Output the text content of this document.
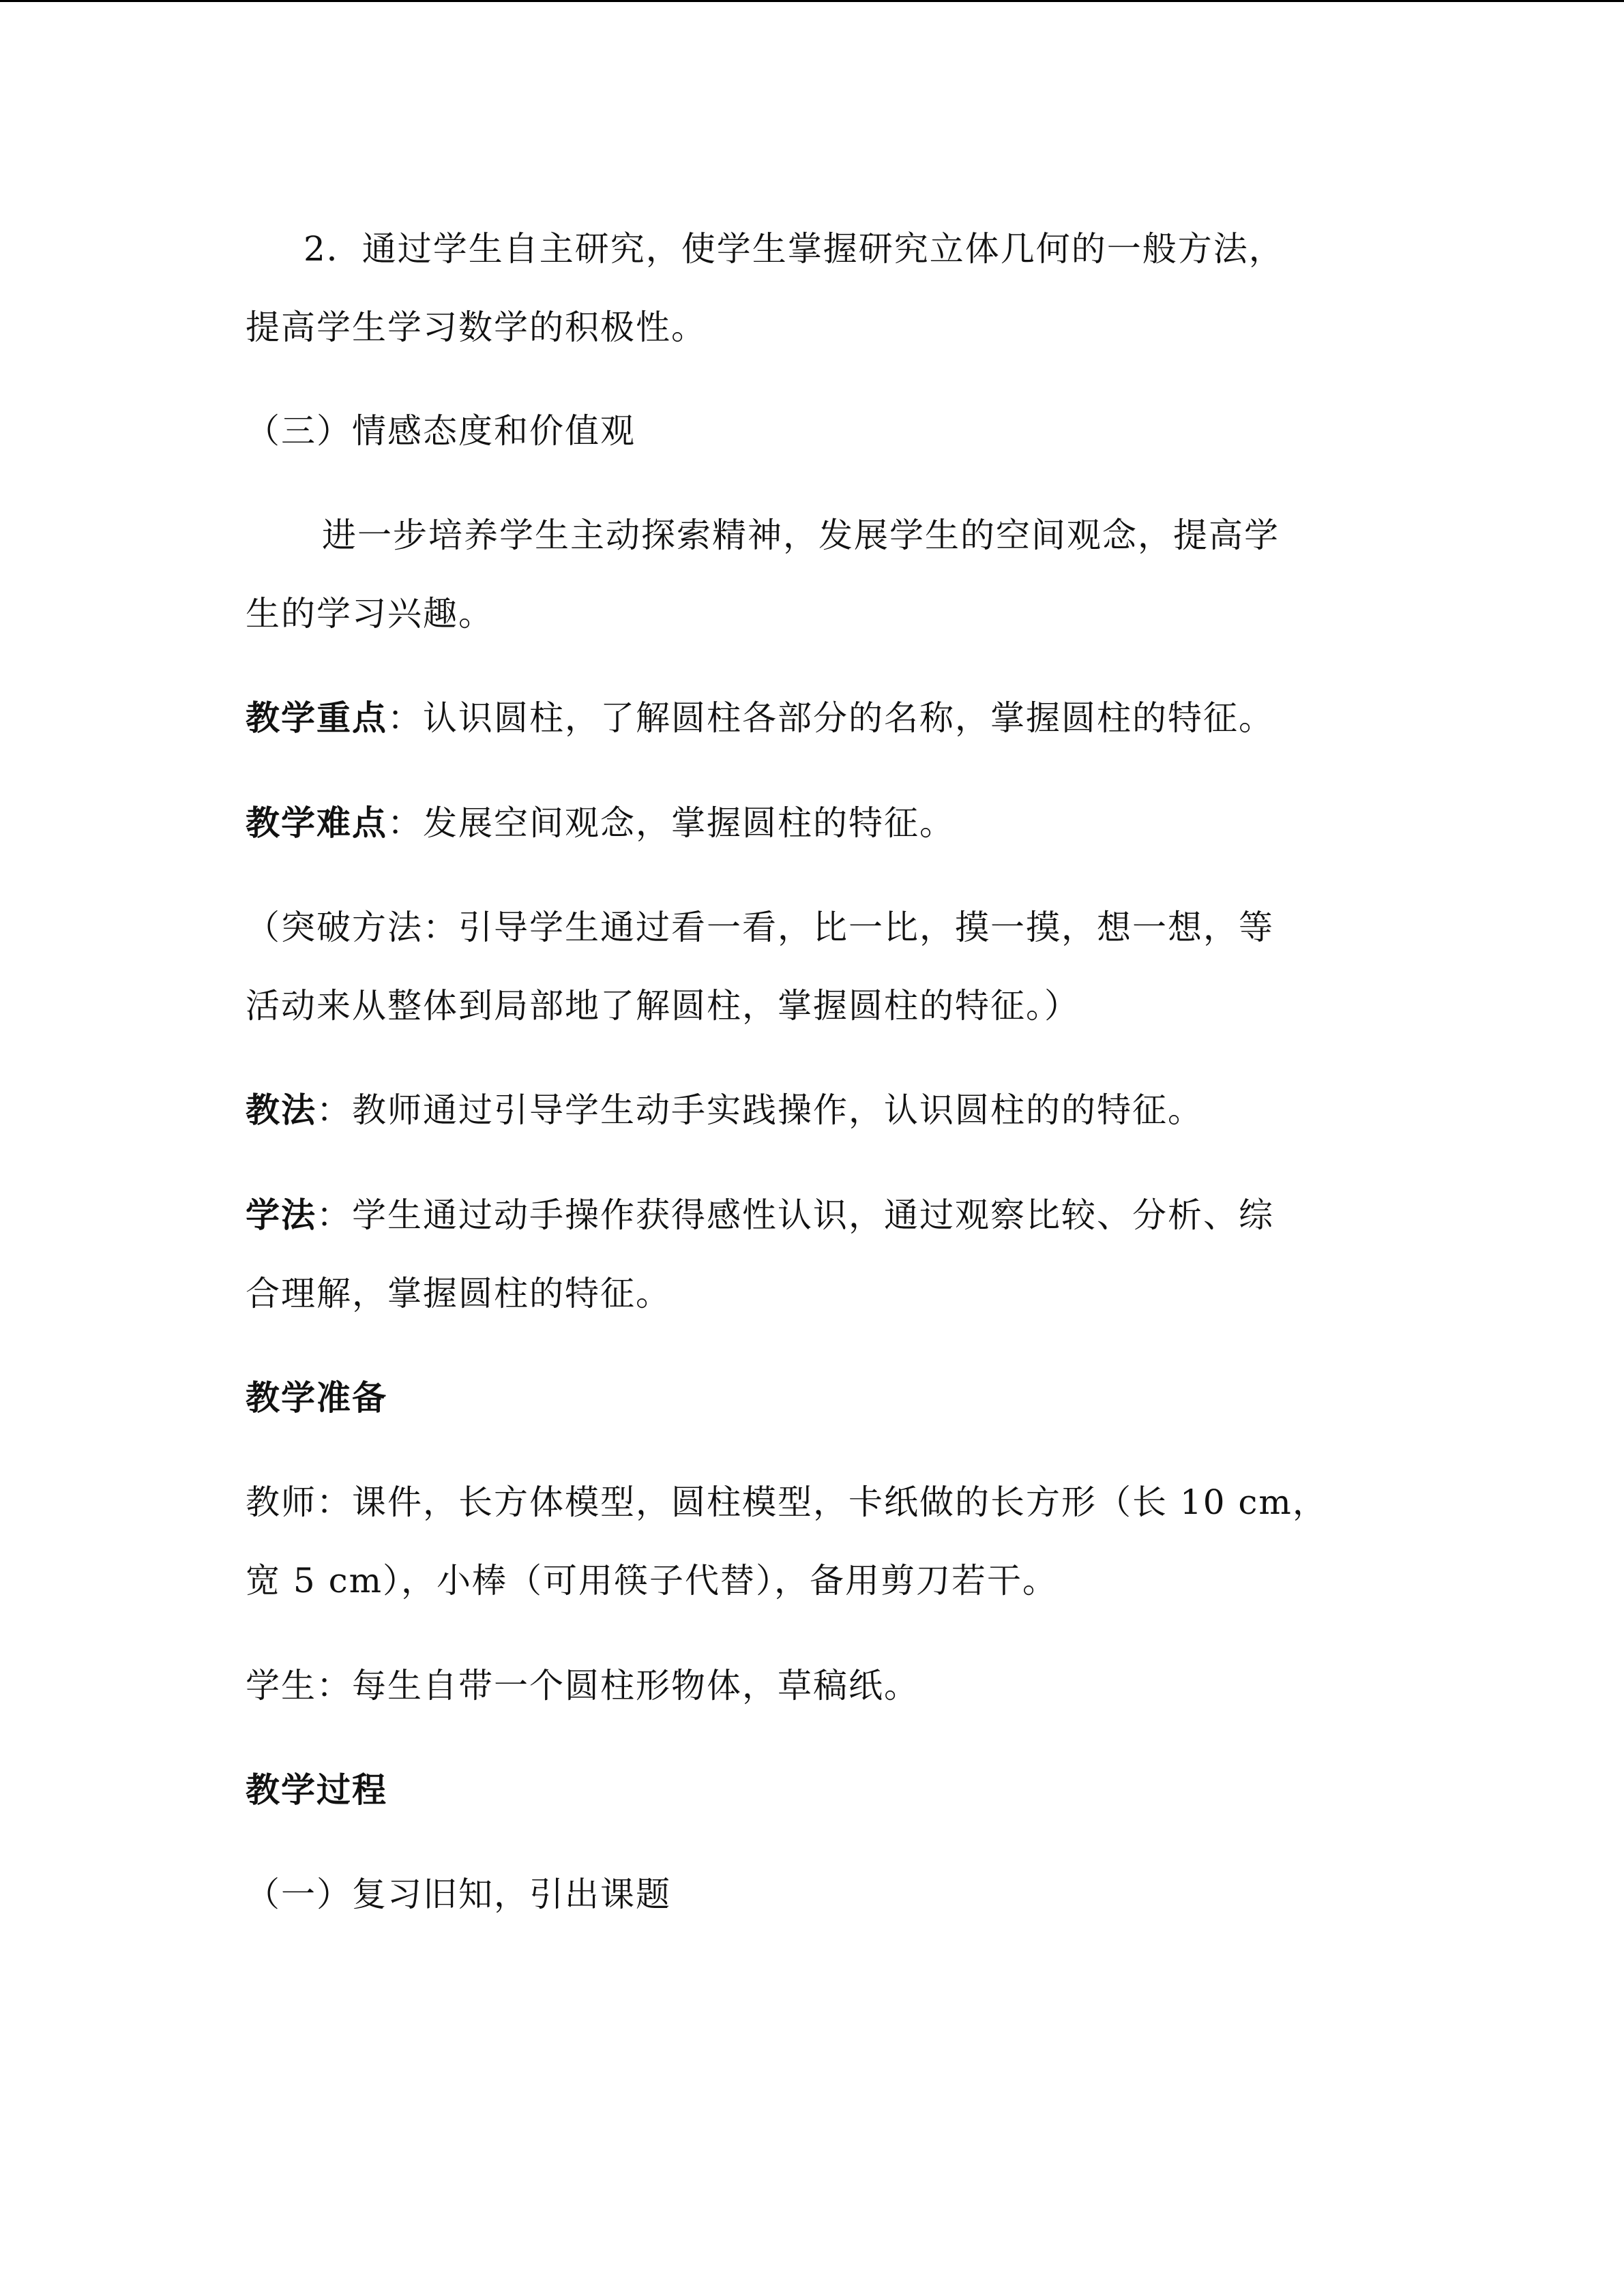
2．通过学生自主研究，使学生掌握研究立体几何的一般方法，
提高学生学习数学的积极性。
（三）情感态度和价值观
进一步培养学生主动探索精神，发展学生的空间观念，提高学
生的学习兴趣。
教学重点：认识圆柱，了解圆柱各部分的名称，掌握圆柱的特征。
教学难点：发展空间观念，掌握圆柱的特征。
（突破方法：引导学生通过看一看，比一比，摸一摸，想一想，等
活动来从整体到局部地了解圆柱，掌握圆柱的特征。）
教法：教师通过引导学生动手实践操作，认识圆柱的的特征。
学法：学生通过动手操作获得感性认识，通过观察比较、分析、综
合理解，掌握圆柱的特征。
教学准备
教师：课件，长方体模型，圆柱模型，卡纸做的长方形（长 10 cm，
宽 5 cm），小棒（可用筷子代替），备用剪刀若干。
学生：每生自带一个圆柱形物体，草稿纸。
教学过程
（一）复习旧知，引出课题
